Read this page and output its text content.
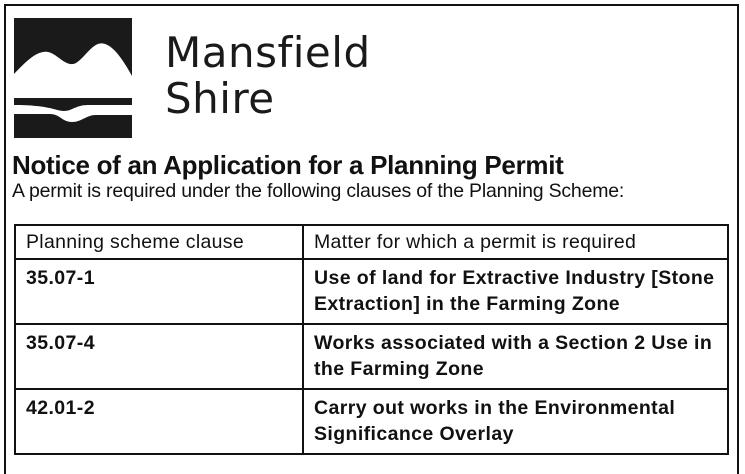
Mansfield
Shire
Notice of an Application for a Planning Permit
A permit is required under the following clauses of the Planning Scheme:
Planning scheme clause	Matter for which a permit is required
35.07-1	Use of land for Extractive Industry [Stone Extraction] in the Farming Zone
35.07-4	Works associated with a Section 2 Use in the Farming Zone
42.01-2	Carry out works in the Environmental Significance Overlay
